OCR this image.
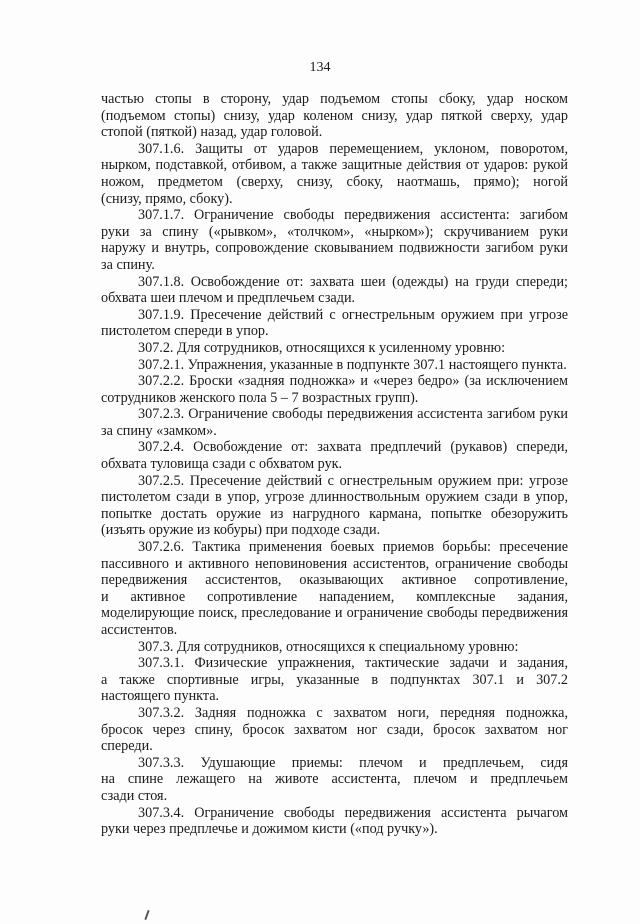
134
частью стопы в сторону, удар подъемом стопы сбоку, удар носком
(подъемом стопы) снизу, удар коленом снизу, удар пяткой сверху, удар
стопой (пяткой) назад, удар головой.
307.1.6. Защиты от ударов перемещением, уклоном, поворотом,
нырком, подставкой, отбивом, а также защитные действия от ударов: рукой
ножом, предметом (сверху, снизу, сбоку, наотмашь, прямо); ногой
(снизу, прямо, сбоку).
307.1.7. Ограничение свободы передвижения ассистента: загибом
руки за спину («рывком», «толчком», «нырком»); скручиванием руки
наружу и внутрь, сопровождение сковыванием подвижности загибом руки
за спину.
307.1.8. Освобождение от: захвата шеи (одежды) на груди спереди;
обхвата шеи плечом и предплечьем сзади.
307.1.9. Пресечение действий с огнестрельным оружием при угрозе
пистолетом спереди в упор.
307.2. Для сотрудников, относящихся к усиленному уровню:
307.2.1. Упражнения, указанные в подпункте 307.1 настоящего пункта.
307.2.2. Броски «задняя подножка» и «через бедро» (за исключением
сотрудников женского пола 5 – 7 возрастных групп).
307.2.3. Ограничение свободы передвижения ассистента загибом руки
за спину «замком».
307.2.4. Освобождение от: захвата предплечий (рукавов) спереди,
обхвата туловища сзади с обхватом рук.
307.2.5. Пресечение действий с огнестрельным оружием при: угрозе
пистолетом сзади в упор, угрозе длинноствольным оружием сзади в упор,
попытке достать оружие из нагрудного кармана, попытке обезоружить
(изъять оружие из кобуры) при подходе сзади.
307.2.6. Тактика применения боевых приемов борьбы: пресечение
пассивного и активного неповиновения ассистентов, ограничение свободы
передвижения ассистентов, оказывающих активное сопротивление,
и активное сопротивление нападением, комплексные задания,
моделирующие поиск, преследование и ограничение свободы передвижения
ассистентов.
307.3. Для сотрудников, относящихся к специальному уровню:
307.3.1. Физические упражнения, тактические задачи и задания,
а также спортивные игры, указанные в подпунктах 307.1 и 307.2
настоящего пункта.
307.3.2. Задняя подножка с захватом ноги, передняя подножка,
бросок через спину, бросок захватом ног сзади, бросок захватом ног
спереди.
307.3.3. Удушающие приемы: плечом и предплечьем, сидя
на спине лежащего на животе ассистента, плечом и предплечьем
сзади стоя.
307.3.4. Ограничение свободы передвижения ассистента рычагом
руки через предплечье и дожимом кисти («под ручку»).
